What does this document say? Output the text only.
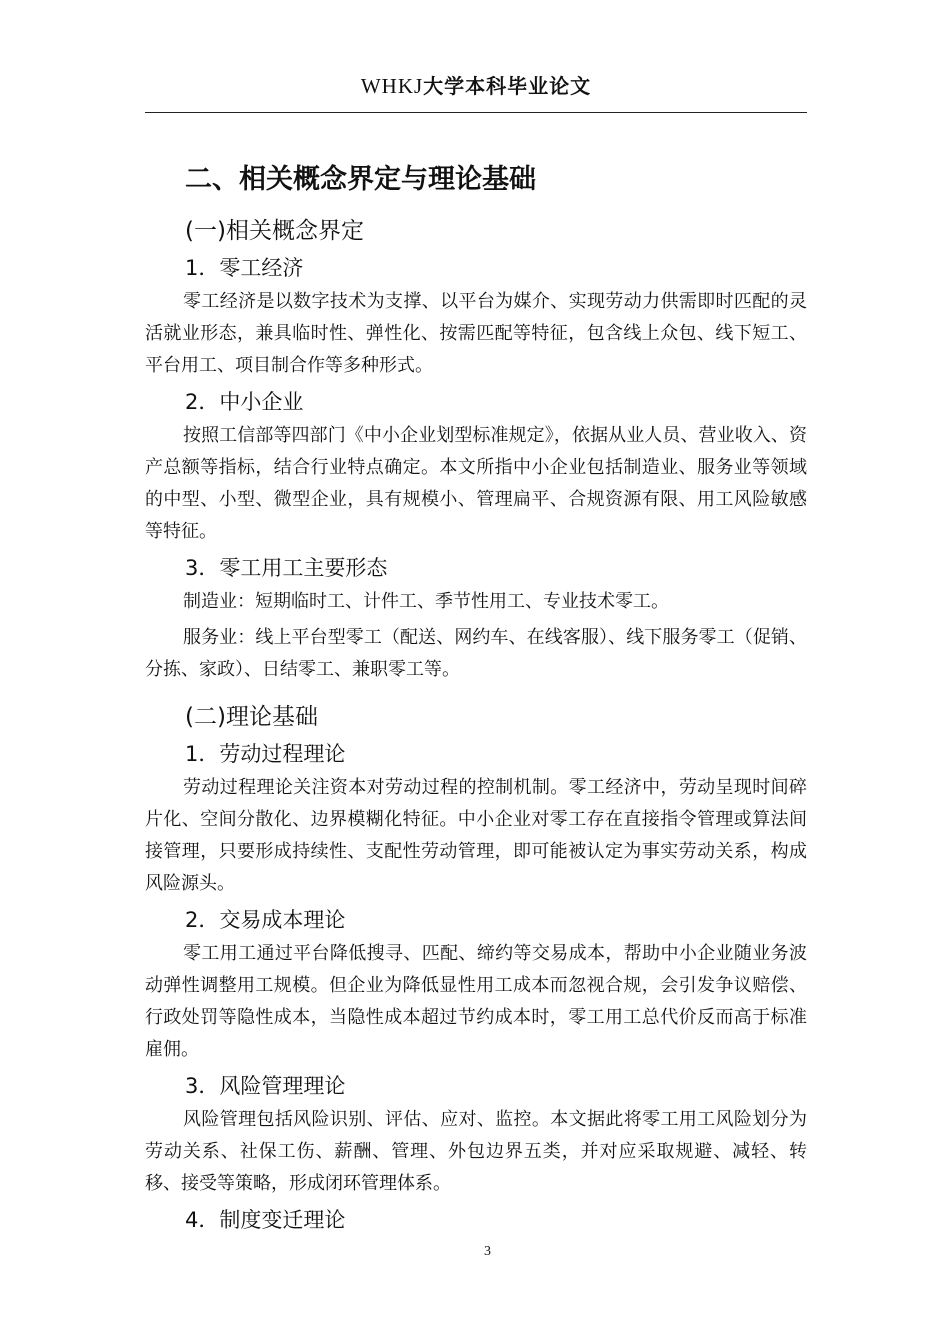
WHKJ大学本科毕业论文
二、相关概念界定与理论基础
(一)相关概念界定
1．零工经济
零工经济是以数字技术为支撑、以平台为媒介、实现劳动力供需即时匹配的灵活就业形态，兼具临时性、弹性化、按需匹配等特征，包含线上众包、线下短工、平台用工、项目制合作等多种形式。
2．中小企业
按照工信部等四部门《中小企业划型标准规定》，依据从业人员、营业收入、资产总额等指标，结合行业特点确定。本文所指中小企业包括制造业、服务业等领域的中型、小型、微型企业，具有规模小、管理扁平、合规资源有限、用工风险敏感等特征。
3．零工用工主要形态
制造业：短期临时工、计件工、季节性用工、专业技术零工。
服务业：线上平台型零工（配送、网约车、在线客服）、线下服务零工（促销、分拣、家政）、日结零工、兼职零工等。
(二)理论基础
1．劳动过程理论
劳动过程理论关注资本对劳动过程的控制机制。零工经济中，劳动呈现时间碎片化、空间分散化、边界模糊化特征。中小企业对零工存在直接指令管理或算法间接管理，只要形成持续性、支配性劳动管理，即可能被认定为事实劳动关系，构成风险源头。
2．交易成本理论
零工用工通过平台降低搜寻、匹配、缔约等交易成本，帮助中小企业随业务波动弹性调整用工规模。但企业为降低显性用工成本而忽视合规，会引发争议赔偿、行政处罚等隐性成本，当隐性成本超过节约成本时，零工用工总代价反而高于标准雇佣。
3．风险管理理论
风险管理包括风险识别、评估、应对、监控。本文据此将零工用工风险划分为劳动关系、社保工伤、薪酬、管理、外包边界五类，并对应采取规避、减轻、转移、接受等策略，形成闭环管理体系。
4．制度变迁理论
3
